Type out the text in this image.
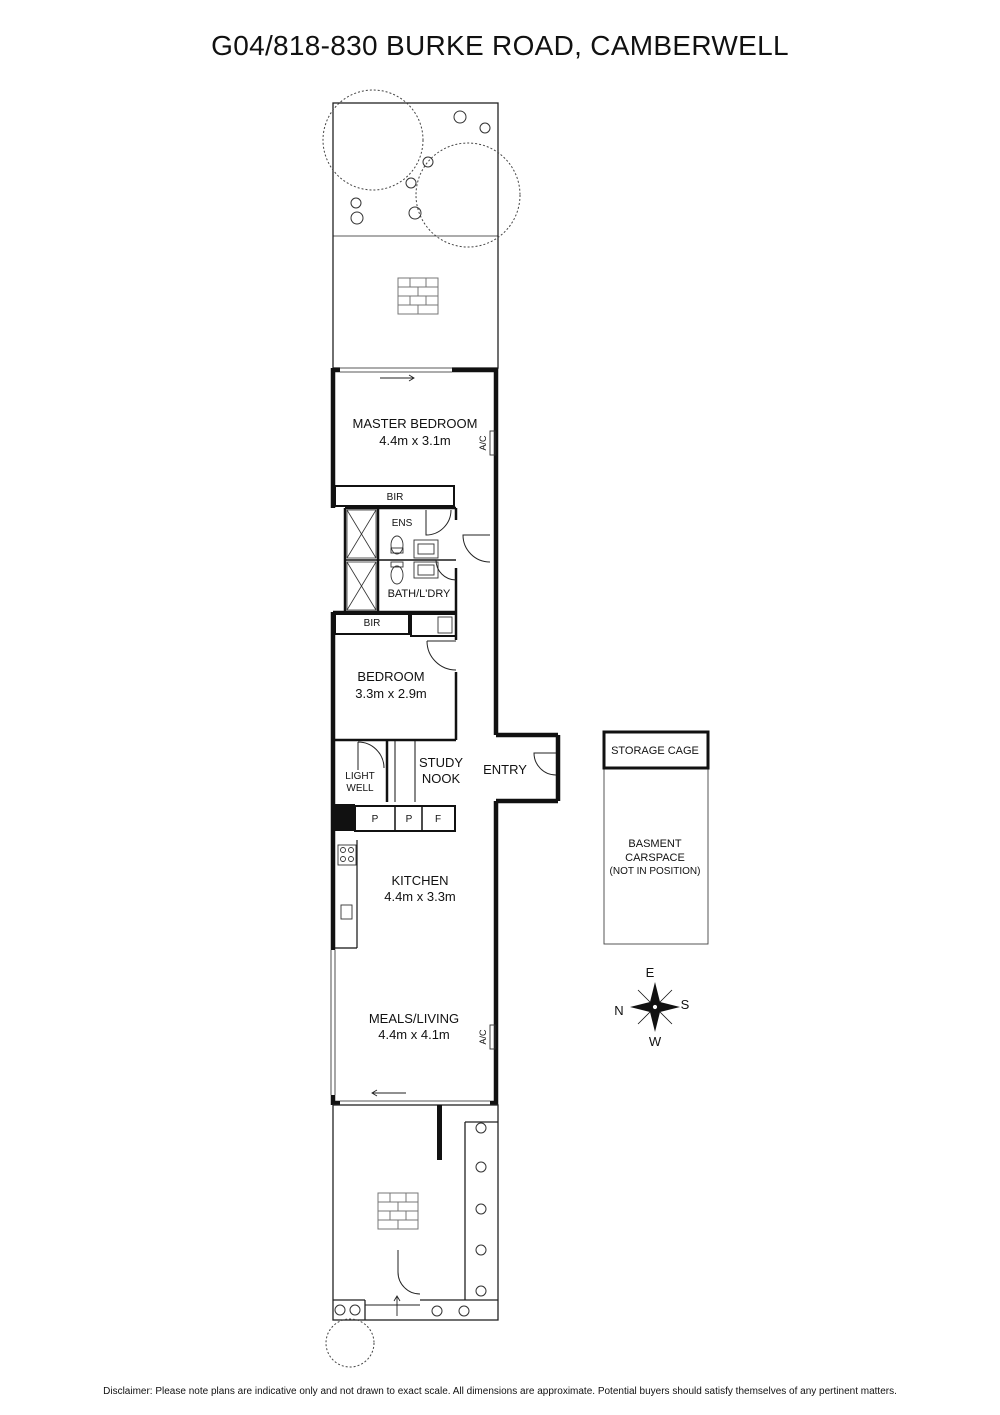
G04/818-830 BURKE ROAD, CAMBERWELL
MASTER BEDROOM
4.4m x 3.1m
BIR
ENS
BATH/L'DRY
BIR
BEDROOM
3.3m x 2.9m
LIGHT
WELL
STUDY
NOOK
ENTRY
P	P F
KITCHEN
4.4m x 3.3m
MEALS/LIVING
4.4m x 4.1m
STORAGE CAGE
BASMENT
CARSPACE
(NOT IN POSITION)
E
N	S
W
A/C
A/C
Disclaimer: Please note plans are indicative only and not drawn to exact scale. All dimensions are approximate. Potential buyers should satisfy themselves of any pertinent matters.
